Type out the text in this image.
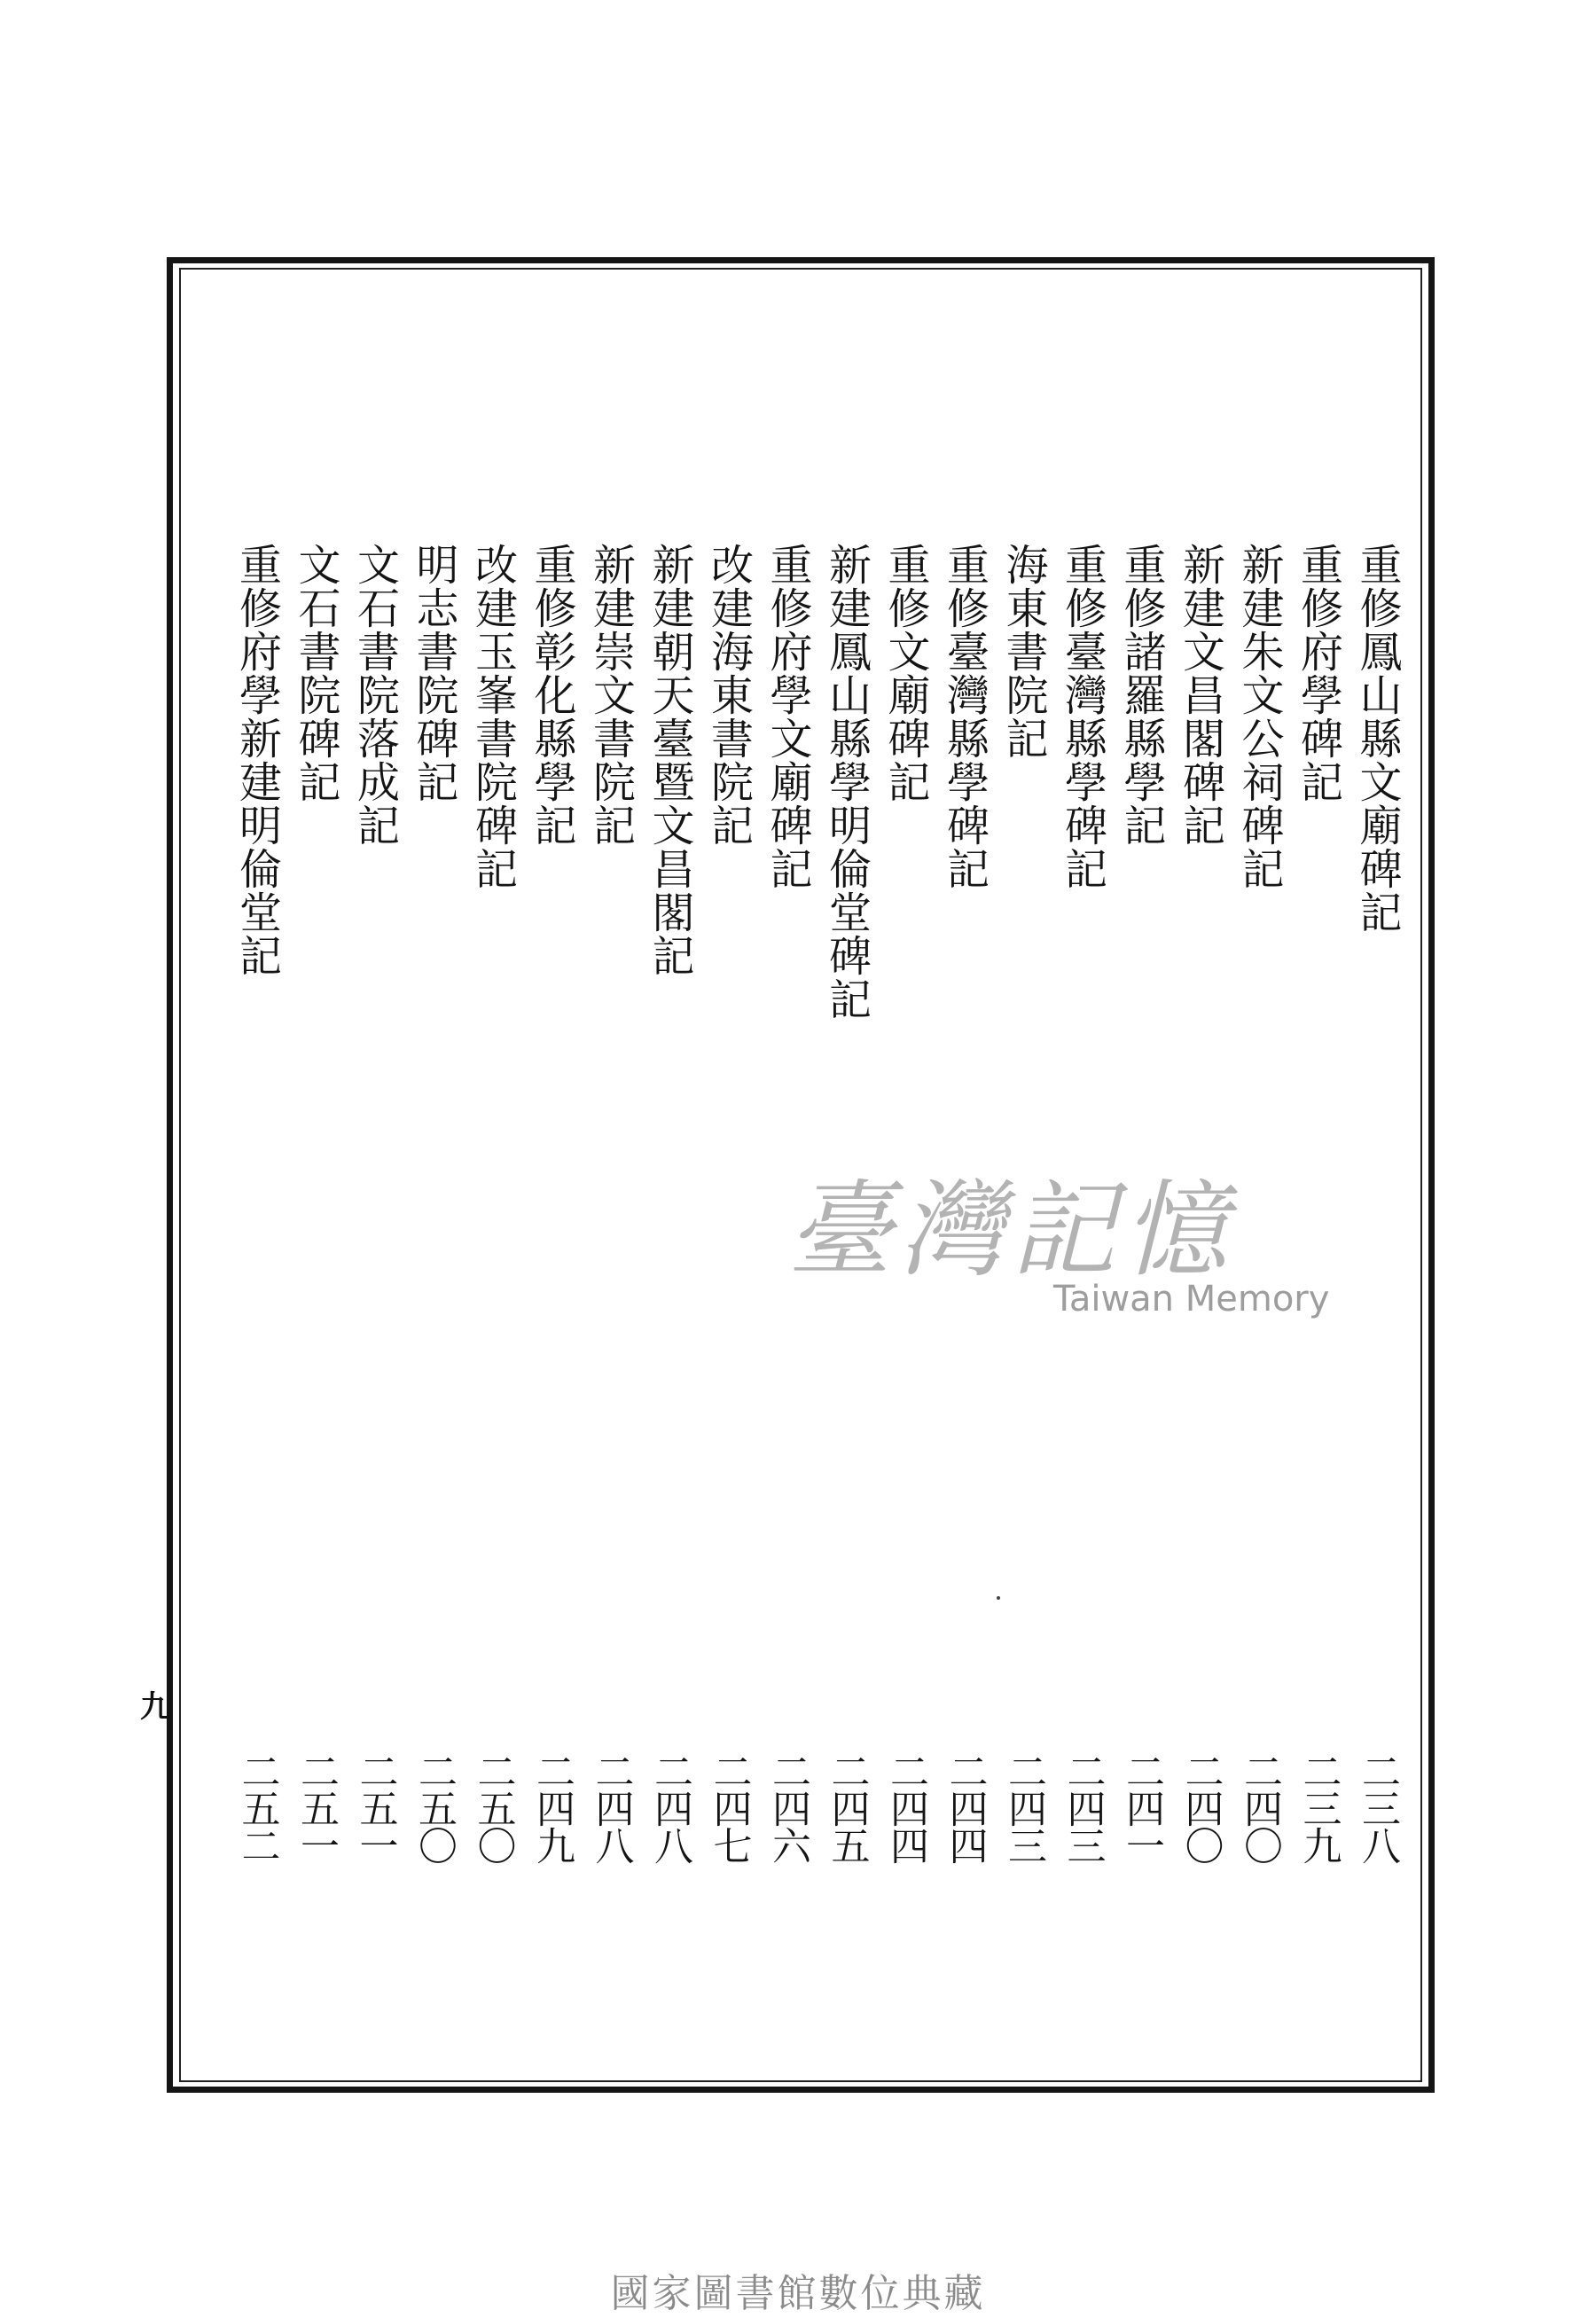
重修鳳山縣文廟碑記
二三八
重修府學碑記
二三九
新建朱文公祠碑記
二四〇
新建文昌閣碑記
二四〇
重修諸羅縣學記
二四一
重修臺灣縣學碑記
二四三
海東書院記
二四三
重修臺灣縣學碑記
二四四
重修文廟碑記
二四四
新建鳳山縣學明倫堂碑記
二四五
重修府學文廟碑記
二四六
改建海東書院記
二四七
新建朝天臺暨文昌閣記
二四八
新建崇文書院記
二四八
重修彰化縣學記
二四九
改建玉峯書院碑記
二五〇
明志書院碑記
二五〇
文石書院落成記
二五一
文石書院碑記
二五一
重修府學新建明倫堂記
二五二
九
臺灣記憶
Taiwan Memory
國家圖書館數位典藏
